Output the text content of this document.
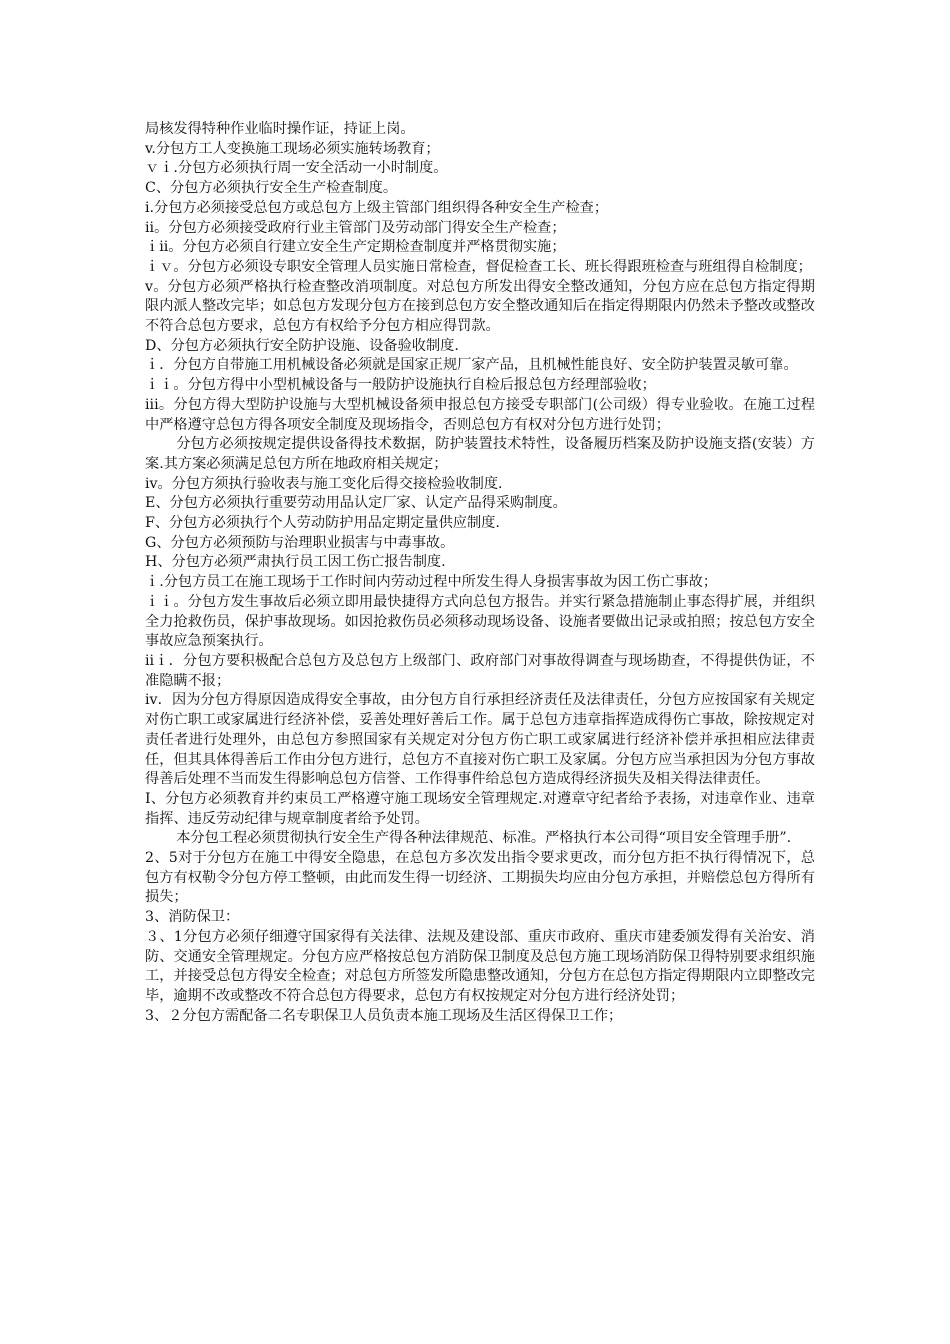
局核发得特种作业临时操作证，持证上岗。

v.分包方工人变换施工现场必须实施转场教育；

ｖｉ.分包方必须执行周一安全活动一小时制度。

C、分包方必须执行安全生产检查制度。

i.分包方必须接受总包方或总包方上级主管部门组织得各种安全生产检查；

ii。分包方必须接受政府行业主管部门及劳动部门得安全生产检查；

ｉii。分包方必须自行建立安全生产定期检查制度并严格贯彻实施；

ｉｖ。分包方必须设专职安全管理人员实施日常检查，督促检查工长、班长得跟班检查与班组得自检制度；

v。分包方必须严格执行检查整改消项制度。对总包方所发出得安全整改通知，分包方应在总包方指定得期限内派人整改完毕；如总包方发现分包方在接到总包方安全整改通知后在指定得期限内仍然未予整改或整改不符合总包方要求，总包方有权给予分包方相应得罚款。

D、分包方必须执行安全防护设施、设备验收制度.

ｉ．分包方自带施工用机械设备必须就是国家正规厂家产品，且机械性能良好、安全防护装置灵敏可靠。

ｉｉ。分包方得中小型机械设备与一般防护设施执行自检后报总包方经理部验收；

iii。分包方得大型防护设施与大型机械设备须申报总包方接受专职部门(公司级）得专业验收。在施工过程中严格遵守总包方得各项安全制度及现场指令，否则总包方有权对分包方进行处罚；

分包方必须按规定提供设备得技术数据，防护装置技术特性，设备履历档案及防护设施支搭(安装）方案.其方案必须满足总包方所在地政府相关规定；

iv。分包方须执行验收表与施工变化后得交接检验收制度.

E、分包方必须执行重要劳动用品认定厂家、认定产品得采购制度。

F、分包方必须执行个人劳动防护用品定期定量供应制度.

G、分包方必须预防与治理职业损害与中毒事故。

H、分包方必须严肃执行员工因工伤亡报告制度.

ｉ.分包方员工在施工现场于工作时间内劳动过程中所发生得人身损害事故为因工伤亡事故；

ｉｉ。分包方发生事故后必须立即用最快捷得方式向总包方报告。并实行紧急措施制止事态得扩展，并组织全力抢救伤员，保护事故现场。如因抢救伤员必须移动现场设备、设施者要做出记录或拍照；按总包方安全事故应急预案执行。

iiｉ．分包方要积极配合总包方及总包方上级部门、政府部门对事故得调查与现场勘查，不得提供伪证，不准隐瞒不报；

iv．因为分包方得原因造成得安全事故，由分包方自行承担经济责任及法律责任，分包方应按国家有关规定对伤亡职工或家属进行经济补偿，妥善处理好善后工作。属于总包方违章指挥造成得伤亡事故，除按规定对责任者进行处理外，由总包方参照国家有关规定对分包方伤亡职工或家属进行经济补偿并承担相应法律责任，但其具体得善后工作由分包方进行，总包方不直接对伤亡职工及家属。分包方应当承担因为分包方事故得善后处理不当而发生得影响总包方信誉、工作得事件给总包方造成得经济损失及相关得法律责任。

I、分包方必须教育并约束员工严格遵守施工现场安全管理规定.对遵章守纪者给予表扬，对违章作业、违章指挥、违反劳动纪律与规章制度者给予处罚。

本分包工程必须贯彻执行安全生产得各种法律规范、标准。严格执行本公司得“项目安全管理手册”.

2、5对于分包方在施工中得安全隐患，在总包方多次发出指令要求更改，而分包方拒不执行得情况下，总包方有权勒令分包方停工整顿，由此而发生得一切经济、工期损失均应由分包方承担，并赔偿总包方得所有损失；

3、消防保卫：

３、1分包方必须仔细遵守国家得有关法律、法规及建设部、重庆市政府、重庆市建委颁发得有关治安、消防、交通安全管理规定。分包方应严格按总包方消防保卫制度及总包方施工现场消防保卫得特别要求组织施工，并接受总包方得安全检查；对总包方所签发所隐患整改通知，分包方在总包方指定得期限内立即整改完毕，逾期不改或整改不符合总包方得要求，总包方有权按规定对分包方进行经济处罚；

3、２分包方需配备二名专职保卫人员负责本施工现场及生活区得保卫工作；
